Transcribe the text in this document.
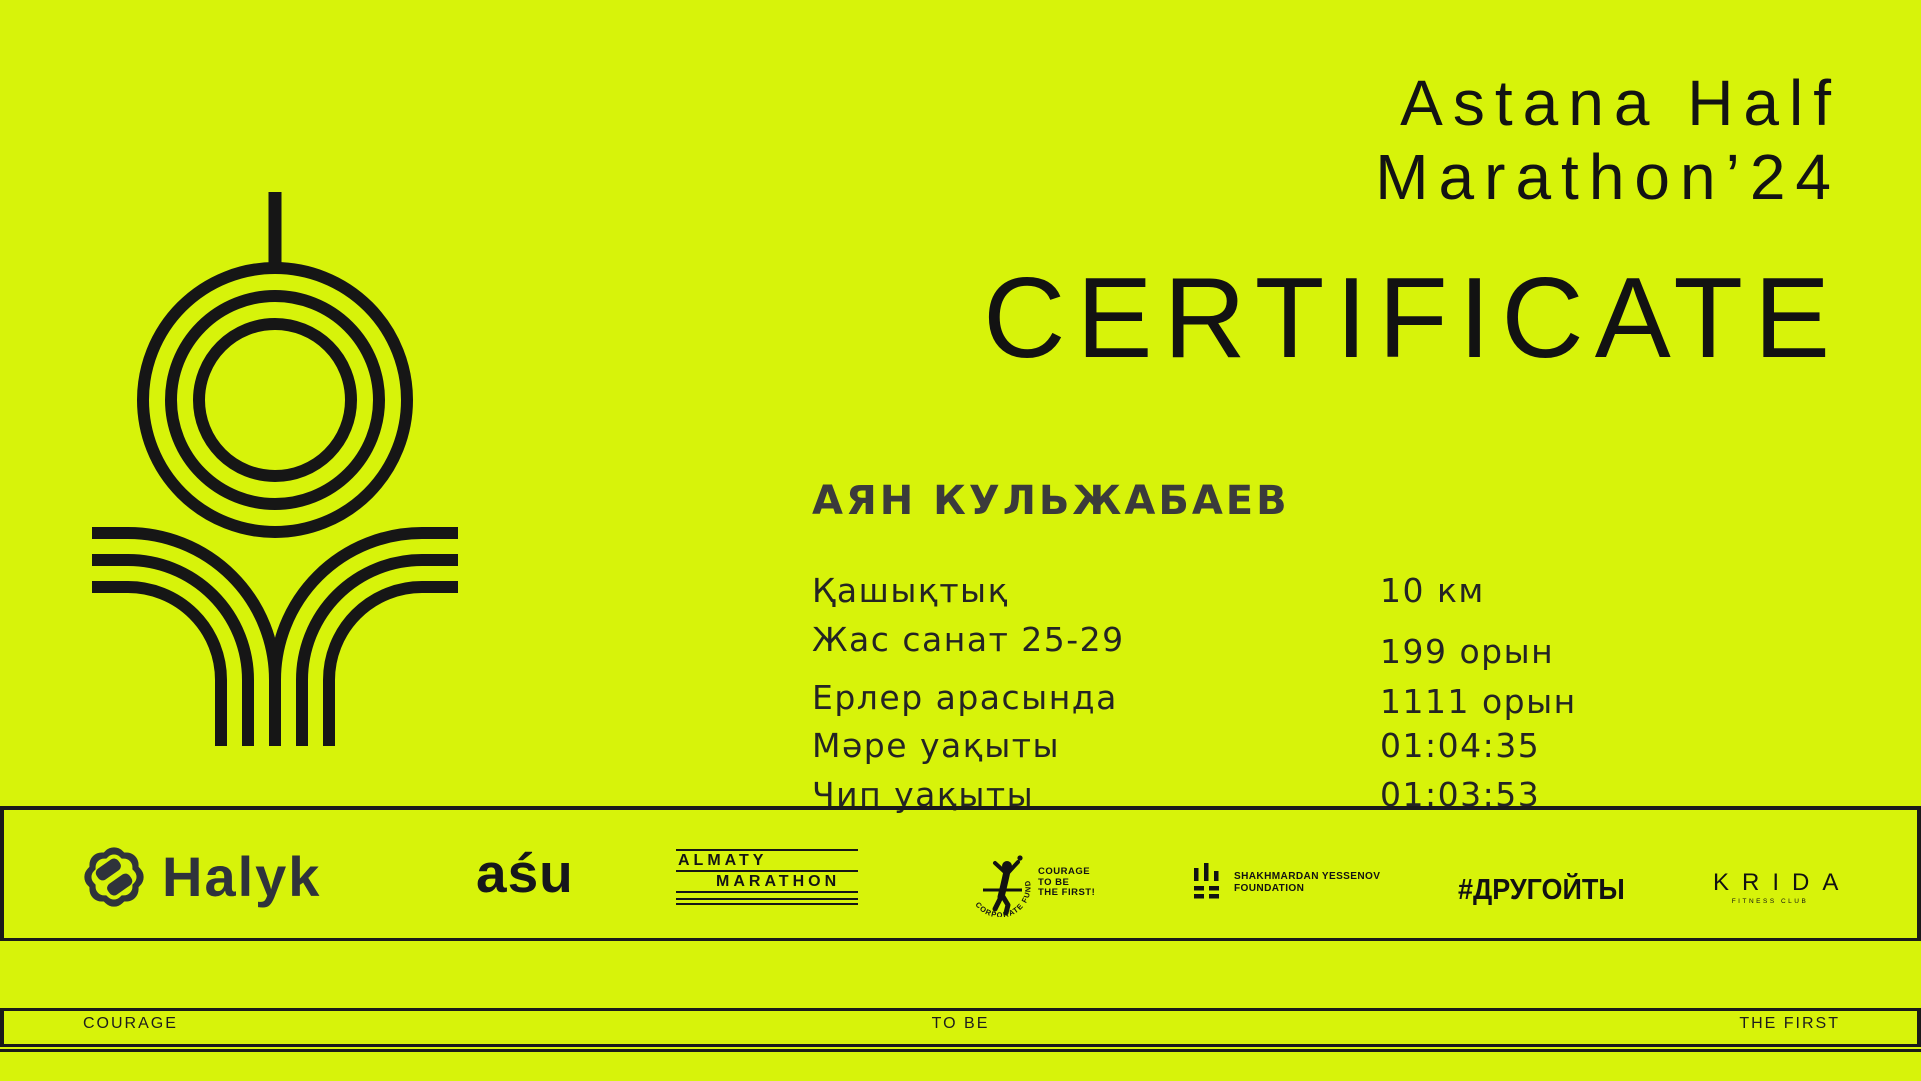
Astana Half
Marathon’24
CERTIFICATE
АЯН КУЛЬЖАБАЕВ
Қашықтық	10 км
Жас санат 25-29	199 орын
Ерлер арасында	1111 орын
Мәре уақыты	01:04:35
Чип уақыты	01:03:53
Halyk	aśu	ALMATY
MARATHON
CORPORATE FUND
COURAGE
TO BE
THE FIRST!
SHAKHMARDAN YESSENOV
FOUNDATION	#ДРУГОЙТЫ	KRIDA
FITNESS CLUB
COURAGE	TO BE	THE FIRST
